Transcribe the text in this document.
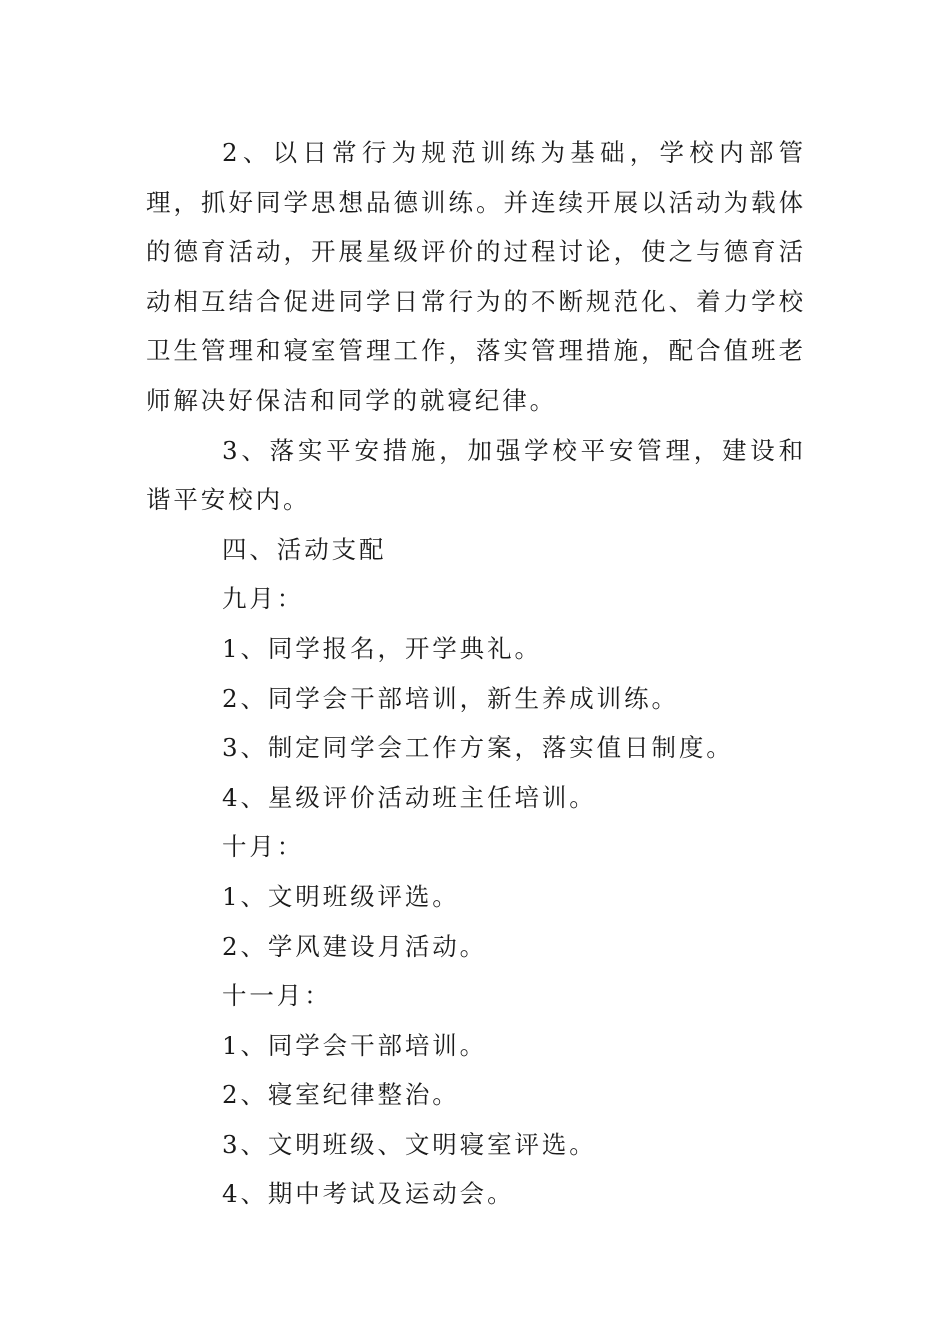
2、以日常行为规范训练为基础，学校内部管理，抓好同学思想品德训练。并连续开展以活动为载体的德育活动，开展星级评价的过程讨论，使之与德育活动相互结合促进同学日常行为的不断规范化、着力学校卫生管理和寝室管理工作，落实管理措施，配合值班老师解决好保洁和同学的就寝纪律。

3、落实平安措施，加强学校平安管理，建设和谐平安校内。

四、活动支配

九月：

1、同学报名，开学典礼。

2、同学会干部培训，新生养成训练。

3、制定同学会工作方案，落实值日制度。

4、星级评价活动班主任培训。

十月：

1、文明班级评选。

2、学风建设月活动。

十一月：

1、同学会干部培训。

2、寝室纪律整治。

3、文明班级、文明寝室评选。

4、期中考试及运动会。
